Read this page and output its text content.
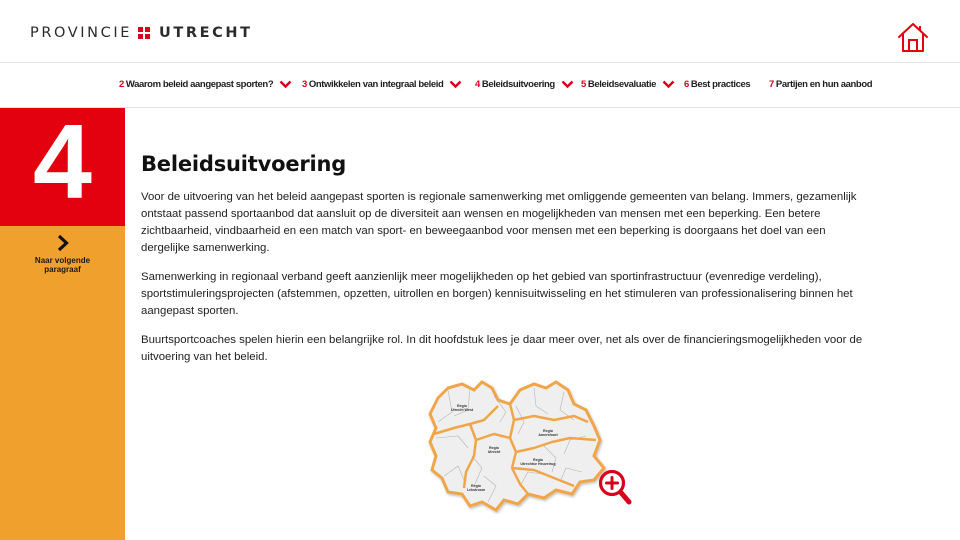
PROVINCIE UTRECHT
2 Waarom beleid aangepast sporten?	3 Ontwikkelen van integraal beleid	4 Beleidsuitvoering	5 Beleidsevaluatie	6 Best practices 7 Partijen en hun aanbod
4
Naar volgende paragraaf
Beleidsuitvoering

Voor de uitvoering van het beleid aangepast sporten is regionale samenwerking met omliggende gemeenten van belang. Immers, gezamenlijk ontstaat passend sportaanbod dat aansluit op de diversiteit aan wensen en mogelijkheden van mensen met een beperking. Een betere zichtbaarheid, vindbaarheid en een match van sport- en beweegaanbod voor mensen met een beperking is doorgaans het doel van een dergelijke samenwerking.

Samenwerking in regionaal verband geeft aanzienlijk meer mogelijkheden op het gebied van sportinfrastructuur (evenredige verdeling), sportstimuleringsprojecten (afstemmen, opzetten, uitrollen en borgen) kennisuitwisseling en het stimuleren van professionalisering binnen het aangepast sporten.

Buurtsportcoaches spelen hierin een belangrijke rol. In dit hoofdstuk lees je daar meer over, net als over de financieringsmogelijkheden voor de uitvoering van het beleid.

Regio
Utrecht West
Regio
Utrecht
Regio
Amersfoort
Regio
Utrechtse Heuvelrug
Regio
Lekstroom
